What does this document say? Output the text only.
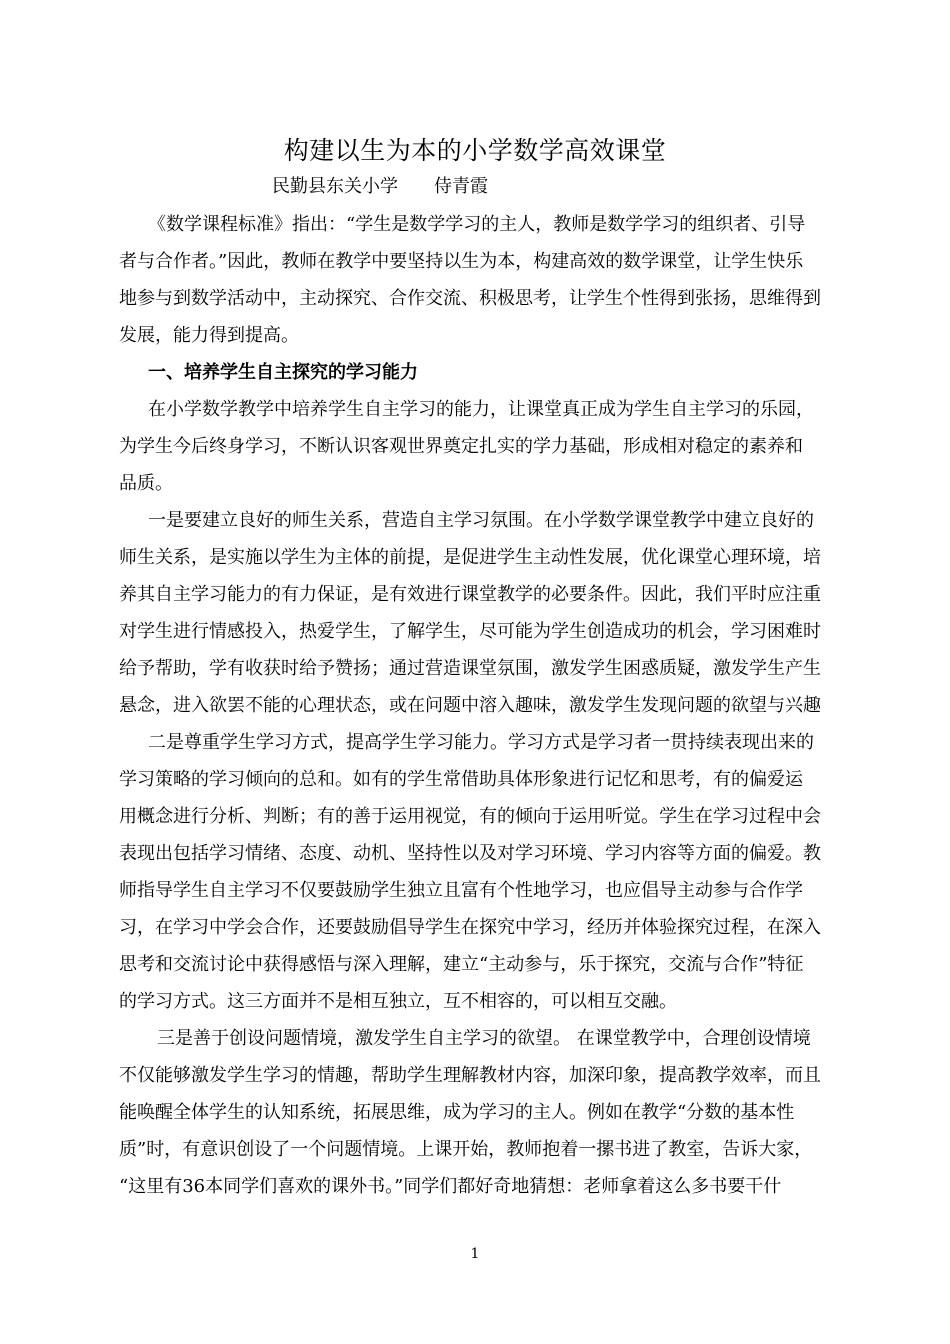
构建以生为本的小学数学高效课堂
民勤县东关小学 侍青霞
《数学课程标准》指出：“学生是数学学习的主人，教师是数学学习的组织者、引导
者与合作者。”因此，教师在教学中要坚持以生为本，构建高效的数学课堂，让学生快乐
地参与到数学活动中，主动探究、合作交流、积极思考，让学生个性得到张扬，思维得到
发展，能力得到提高。
一、培养学生自主探究的学习能力
在小学数学教学中培养学生自主学习的能力，让课堂真正成为学生自主学习的乐园，
为学生今后终身学习，不断认识客观世界奠定扎实的学力基础，形成相对稳定的素养和
品质。
一是要建立良好的师生关系，营造自主学习氛围。在小学数学课堂教学中建立良好的
师生关系，是实施以学生为主体的前提，是促进学生主动性发展，优化课堂心理环境，培
养其自主学习能力的有力保证，是有效进行课堂教学的必要条件。因此，我们平时应注重
对学生进行情感投入，热爱学生，了解学生，尽可能为学生创造成功的机会，学习困难时
给予帮助，学有收获时给予赞扬；通过营造课堂氛围，激发学生困惑质疑，激发学生产生
悬念，进入欲罢不能的心理状态，或在问题中溶入趣味，激发学生发现问题的欲望与兴趣
二是尊重学生学习方式，提高学生学习能力。学习方式是学习者一贯持续表现出来的
学习策略的学习倾向的总和。如有的学生常借助具体形象进行记忆和思考，有的偏爱运
用概念进行分析、判断；有的善于运用视觉，有的倾向于运用听觉。学生在学习过程中会
表现出包括学习情绪、态度、动机、坚持性以及对学习环境、学习内容等方面的偏爱。教
师指导学生自主学习不仅要鼓励学生独立且富有个性地学习，也应倡导主动参与合作学
习，在学习中学会合作，还要鼓励倡导学生在探究中学习，经历并体验探究过程，在深入
思考和交流讨论中获得感悟与深入理解，建立“主动参与，乐于探究，交流与合作”特征
的学习方式。这三方面并不是相互独立，互不相容的，可以相互交融。
三是善于创设问题情境，激发学生自主学习的欲望。 在课堂教学中，合理创设情境
不仅能够激发学生学习的情趣，帮助学生理解教材内容，加深印象，提高教学效率，而且
能唤醒全体学生的认知系统，拓展思维，成为学习的主人。例如在教学“分数的基本性
质”时，有意识创设了一个问题情境。上课开始，教师抱着一摞书进了教室，告诉大家，
“这里有36本同学们喜欢的课外书。”同学们都好奇地猜想：老师拿着这么多书要干什
1
